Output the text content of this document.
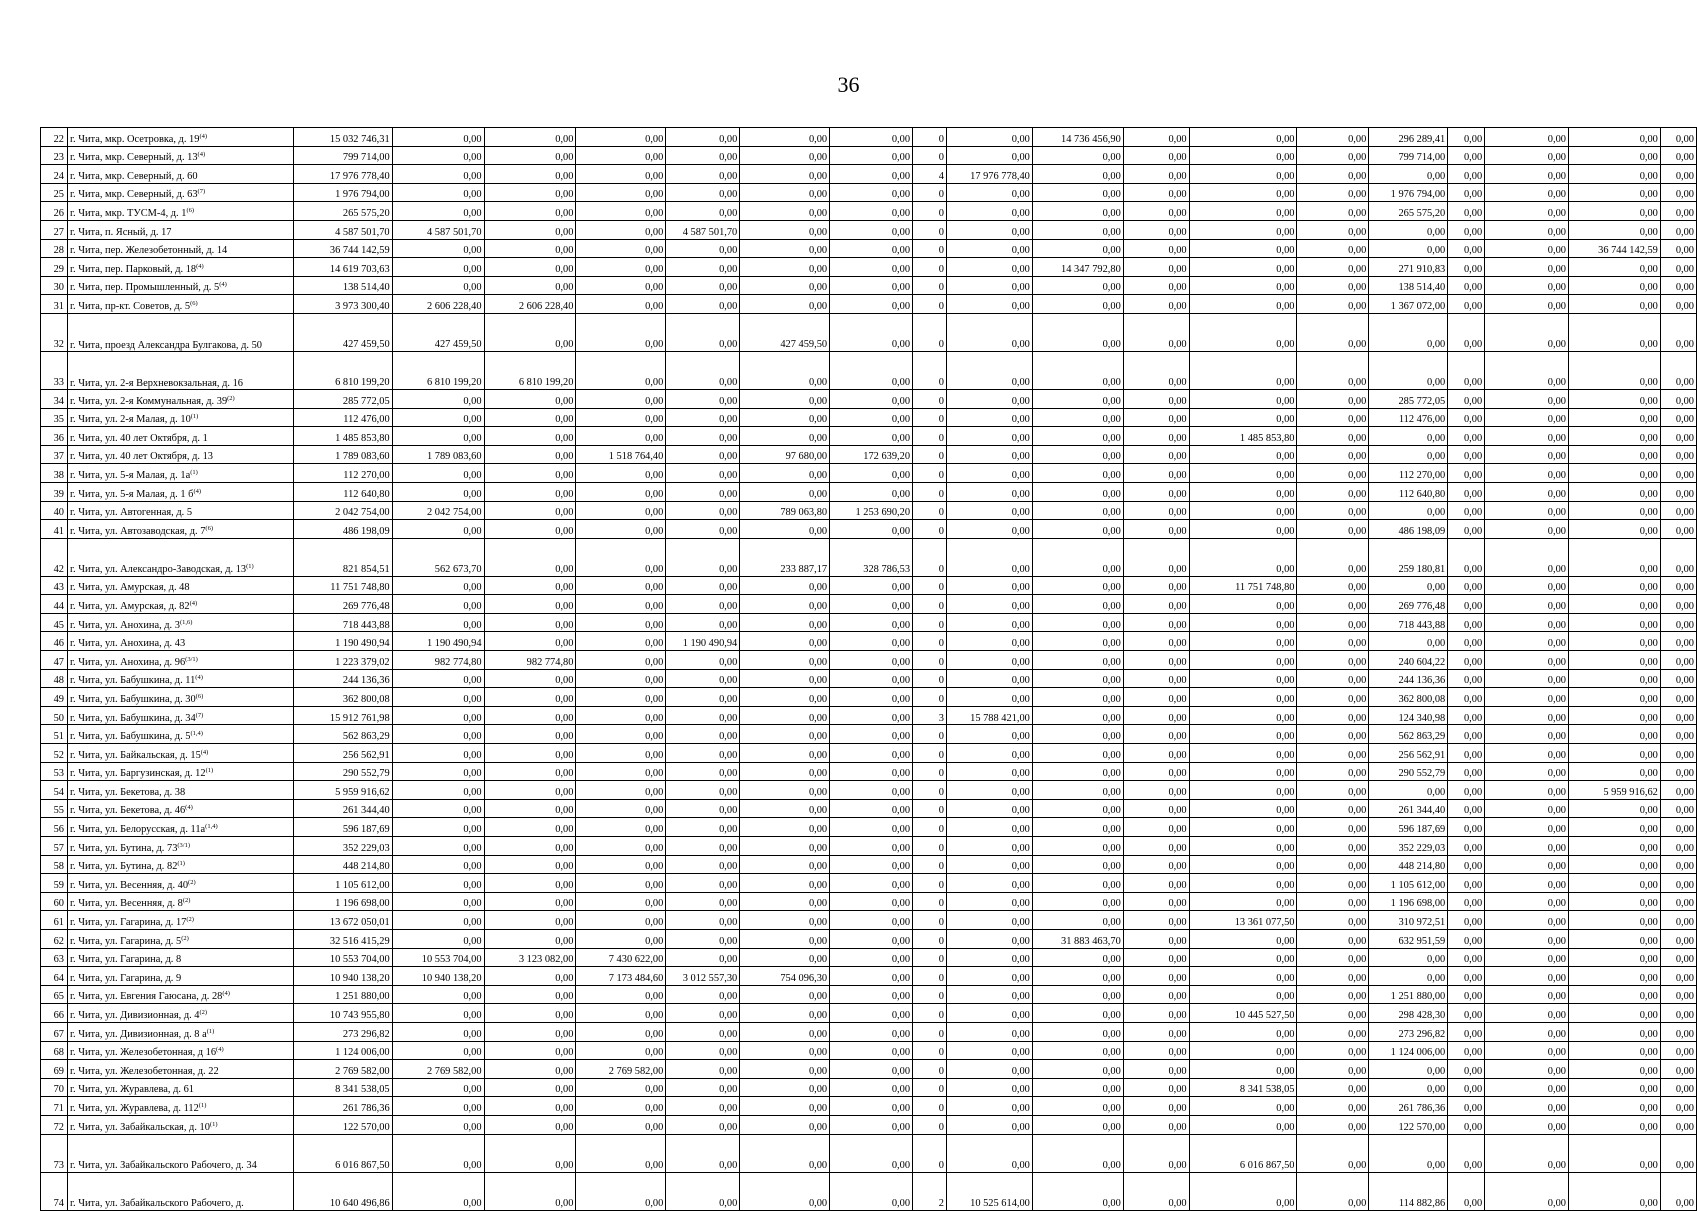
36
22	г. Чита, мкр. Осетровка, д. 19$^{(4)}$	15 032 746,31	0,00	0,00	0,00	0,00	0,00	0,00	0	0,00	14 736 456,90	0,00	0,00	0,00	296 289,41	0,00	0,00	0,00	0,00
23	г. Чита, мкр. Северный, д. 13$^{(4)}$	799 714,00	0,00	0,00	0,00	0,00	0,00	0,00	0	0,00	0,00	0,00	0,00	0,00	799 714,00	0,00	0,00	0,00	0,00
24	г. Чита, мкр. Северный, д. 60	17 976 778,40	0,00	0,00	0,00	0,00	0,00	0,00	4	17 976 778,40	0,00	0,00	0,00	0,00	0,00	0,00	0,00	0,00	0,00
25	г. Чита, мкр. Северный, д. 63$^{(7)}$	1 976 794,00	0,00	0,00	0,00	0,00	0,00	0,00	0	0,00	0,00	0,00	0,00	0,00	1 976 794,00	0,00	0,00	0,00	0,00
26	г. Чита, мкр. ТУСМ-4, д. 1$^{(6)}$	265 575,20	0,00	0,00	0,00	0,00	0,00	0,00	0	0,00	0,00	0,00	0,00	0,00	265 575,20	0,00	0,00	0,00	0,00
27	г. Чита, п. Ясный, д. 17	4 587 501,70	4 587 501,70	0,00	0,00	4 587 501,70	0,00	0,00	0	0,00	0,00	0,00	0,00	0,00	0,00	0,00	0,00	0,00	0,00
28	г. Чита, пер. Железобетонный, д. 14	36 744 142,59	0,00	0,00	0,00	0,00	0,00	0,00	0	0,00	0,00	0,00	0,00	0,00	0,00	0,00	0,00	36 744 142,59	0,00
29	г. Чита, пер. Парковый, д. 18$^{(4)}$	14 619 703,63	0,00	0,00	0,00	0,00	0,00	0,00	0	0,00	14 347 792,80	0,00	0,00	0,00	271 910,83	0,00	0,00	0,00	0,00
30	г. Чита, пер. Промышленный, д. 5$^{(4)}$	138 514,40	0,00	0,00	0,00	0,00	0,00	0,00	0	0,00	0,00	0,00	0,00	0,00	138 514,40	0,00	0,00	0,00	0,00
31	г. Чита, пр-кт. Советов, д. 5$^{(6)}$	3 973 300,40	2 606 228,40	2 606 228,40	0,00	0,00	0,00	0,00	0	0,00	0,00	0,00	0,00	0,00	1 367 072,00	0,00	0,00	0,00	0,00
32	г. Чита, проезд Александра Булгакова, д. 50	427 459,50	427 459,50	0,00	0,00	0,00	427 459,50	0,00	0	0,00	0,00	0,00	0,00	0,00	0,00	0,00	0,00	0,00	0,00
33	г. Чита, ул. 2-я Верхневокзальная, д. 16	6 810 199,20	6 810 199,20	6 810 199,20	0,00	0,00	0,00	0,00	0	0,00	0,00	0,00	0,00	0,00	0,00	0,00	0,00	0,00	0,00
34	г. Чита, ул. 2-я Коммунальная, д. 39$^{(2)}$	285 772,05	0,00	0,00	0,00	0,00	0,00	0,00	0	0,00	0,00	0,00	0,00	0,00	285 772,05	0,00	0,00	0,00	0,00
35	г. Чита, ул. 2-я Малая, д. 10$^{(1)}$	112 476,00	0,00	0,00	0,00	0,00	0,00	0,00	0	0,00	0,00	0,00	0,00	0,00	112 476,00	0,00	0,00	0,00	0,00
36	г. Чита, ул. 40 лет Октября, д. 1	1 485 853,80	0,00	0,00	0,00	0,00	0,00	0,00	0	0,00	0,00	0,00	1 485 853,80	0,00	0,00	0,00	0,00	0,00	0,00
37	г. Чита, ул. 40 лет Октября, д. 13	1 789 083,60	1 789 083,60	0,00	1 518 764,40	0,00	97 680,00	172 639,20	0	0,00	0,00	0,00	0,00	0,00	0,00	0,00	0,00	0,00	0,00
38	г. Чита, ул. 5-я Малая, д. $1а^{(1)}$	112 270,00	0,00	0,00	0,00	0,00	0,00	0,00	0	0,00	0,00	0,00	0,00	0,00	112 270,00	0,00	0,00	0,00	0,00
39	г. Чита, ул. 5-я Малая, д. 1 $б^{(4)}$	112 640,80	0,00	0,00	0,00	0,00	0,00	0,00	0	0,00	0,00	0,00	0,00	0,00	112 640,80	0,00	0,00	0,00	0,00
40	г. Чита, ул. Автогенная, д. 5	2 042 754,00	2 042 754,00	0,00	0,00	0,00	789 063,80	1 253 690,20	0	0,00	0,00	0,00	0,00	0,00	0,00	0,00	0,00	0,00	0,00
41	г. Чита, ул. Автозаводская, д. 7$^{(6)}$	486 198,09	0,00	0,00	0,00	0,00	0,00	0,00	0	0,00	0,00	0,00	0,00	0,00	486 198,09	0,00	0,00	0,00	0,00
42	г. Чита, ул. Александро-Заводская, д. 13$^{(1)}$	821 854,51	562 673,70	0,00	0,00	0,00	233 887,17	328 786,53	0	0,00	0,00	0,00	0,00	0,00	259 180,81	0,00	0,00	0,00	0,00
43	г. Чита, ул. Амурская, д. 48	11 751 748,80	0,00	0,00	0,00	0,00	0,00	0,00	0	0,00	0,00	0,00	11 751 748,80	0,00	0,00	0,00	0,00	0,00	0,00
44	г. Чита, ул. Амурская, д. 82$^{(4)}$	269 776,48	0,00	0,00	0,00	0,00	0,00	0,00	0	0,00	0,00	0,00	0,00	0,00	269 776,48	0,00	0,00	0,00	0,00
45	г. Чита, ул. Анохина, д. 3$^{(1,6)}$	718 443,88	0,00	0,00	0,00	0,00	0,00	0,00	0	0,00	0,00	0,00	0,00	0,00	718 443,88	0,00	0,00	0,00	0,00
46	г. Чита, ул. Анохина, д. 43	1 190 490,94	1 190 490,94	0,00	0,00	1 190 490,94	0,00	0,00	0	0,00	0,00	0,00	0,00	0,00	0,00	0,00	0,00	0,00	0,00
47	г. Чита, ул. Анохина, д. $96^{(3/1)}$	1 223 379,02	982 774,80	982 774,80	0,00	0,00	0,00	0,00	0	0,00	0,00	0,00	0,00	0,00	240 604,22	0,00	0,00	0,00	0,00
48	г. Чита, ул. Бабушкина, д. 11$^{(4)}$	244 136,36	0,00	0,00	0,00	0,00	0,00	0,00	0	0,00	0,00	0,00	0,00	0,00	244 136,36	0,00	0,00	0,00	0,00
49	г. Чита, ул. Бабушкина, д. 30$^{(6)}$	362 800,08	0,00	0,00	0,00	0,00	0,00	0,00	0	0,00	0,00	0,00	0,00	0,00	362 800,08	0,00	0,00	0,00	0,00
50	г. Чита, ул. Бабушкина, д. 34$^{(7)}$	15 912 761,98	0,00	0,00	0,00	0,00	0,00	0,00	3	15 788 421,00	0,00	0,00	0,00	0,00	124 340,98	0,00	0,00	0,00	0,00
51	г. Чита, ул. Бабушкина, д. 5$^{(1,4)}$	562 863,29	0,00	0,00	0,00	0,00	0,00	0,00	0	0,00	0,00	0,00	0,00	0,00	562 863,29	0,00	0,00	0,00	0,00
52	г. Чита, ул. Байкальская, д. 15$^{(4)}$	256 562,91	0,00	0,00	0,00	0,00	0,00	0,00	0	0,00	0,00	0,00	0,00	0,00	256 562,91	0,00	0,00	0,00	0,00
53	г. Чита, ул. Баргузинская, д. 12$^{(1)}$	290 552,79	0,00	0,00	0,00	0,00	0,00	0,00	0	0,00	0,00	0,00	0,00	0,00	290 552,79	0,00	0,00	0,00	0,00
54	г. Чита, ул. Бекетова, д. 38	5 959 916,62	0,00	0,00	0,00	0,00	0,00	0,00	0	0,00	0,00	0,00	0,00	0,00	0,00	0,00	0,00	5 959 916,62	0,00
55	г. Чита, ул. Бекетова, д. 46$^{(4)}$	261 344,40	0,00	0,00	0,00	0,00	0,00	0,00	0	0,00	0,00	0,00	0,00	0,00	261 344,40	0,00	0,00	0,00	0,00
56	г. Чита, ул. Белорусская, д. $11а^{(1,4)}$	596 187,69	0,00	0,00	0,00	0,00	0,00	0,00	0	0,00	0,00	0,00	0,00	0,00	596 187,69	0,00	0,00	0,00	0,00
57	г. Чита, ул. Бутина, д. $73^{(3/1)}$	352 229,03	0,00	0,00	0,00	0,00	0,00	0,00	0	0,00	0,00	0,00	0,00	0,00	352 229,03	0,00	0,00	0,00	0,00
58	г. Чита, ул. Бутина, д. 82$^{(1)}$	448 214,80	0,00	0,00	0,00	0,00	0,00	0,00	0	0,00	0,00	0,00	0,00	0,00	448 214,80	0,00	0,00	0,00	0,00
59	г. Чита, ул. Весенняя, д. 40$^{(2)}$	1 105 612,00	0,00	0,00	0,00	0,00	0,00	0,00	0	0,00	0,00	0,00	0,00	0,00	1 105 612,00	0,00	0,00	0,00	0,00
60	г. Чита, ул. Весенняя, д. 8$^{(2)}$	1 196 698,00	0,00	0,00	0,00	0,00	0,00	0,00	0	0,00	0,00	0,00	0,00	0,00	1 196 698,00	0,00	0,00	0,00	0,00
61	г. Чита, ул. Гагарина, д. 17$^{(2)}$	13 672 050,01	0,00	0,00	0,00	0,00	0,00	0,00	0	0,00	0,00	0,00	13 361 077,50	0,00	310 972,51	0,00	0,00	0,00	0,00
62	г. Чита, ул. Гагарина, д. 5$^{(2)}$	32 516 415,29	0,00	0,00	0,00	0,00	0,00	0,00	0	0,00	31 883 463,70	0,00	0,00	0,00	632 951,59	0,00	0,00	0,00	0,00
63	г. Чита, ул. Гагарина, д. 8	10 553 704,00	10 553 704,00	3 123 082,00	7 430 622,00	0,00	0,00	0,00	0	0,00	0,00	0,00	0,00	0,00	0,00	0,00	0,00	0,00	0,00
64	г. Чита, ул. Гагарина, д. 9	10 940 138,20	10 940 138,20	0,00	7 173 484,60	3 012 557,30	754 096,30	0,00	0	0,00	0,00	0,00	0,00	0,00	0,00	0,00	0,00	0,00	0,00
65	г. Чита, ул. Евгения Гаюсана, д. 28$^{(4)}$	1 251 880,00	0,00	0,00	0,00	0,00	0,00	0,00	0	0,00	0,00	0,00	0,00	0,00	1 251 880,00	0,00	0,00	0,00	0,00
66	г. Чита, ул. Дивизионная, д. 4$^{(2)}$	10 743 955,80	0,00	0,00	0,00	0,00	0,00	0,00	0	0,00	0,00	0,00	10 445 527,50	0,00	298 428,30	0,00	0,00	0,00	0,00
67	г. Чита, ул. Дивизионная, д. 8 $а^{(1)}$	273 296,82	0,00	0,00	0,00	0,00	0,00	0,00	0	0,00	0,00	0,00	0,00	0,00	273 296,82	0,00	0,00	0,00	0,00
68	г. Чита, ул. Железобетонная, д 16$^{(4)}$	1 124 006,00	0,00	0,00	0,00	0,00	0,00	0,00	0	0,00	0,00	0,00	0,00	0,00	1 124 006,00	0,00	0,00	0,00	0,00
69	г. Чита, ул. Железобетонная, д. 22	2 769 582,00	2 769 582,00	0,00	2 769 582,00	0,00	0,00	0,00	0	0,00	0,00	0,00	0,00	0,00	0,00	0,00	0,00	0,00	0,00
70	г. Чита, ул. Журавлева, д. 61	8 341 538,05	0,00	0,00	0,00	0,00	0,00	0,00	0	0,00	0,00	0,00	8 341 538,05	0,00	0,00	0,00	0,00	0,00	0,00
71	г. Чита, ул. Журавлева, д. 112$^{(1)}$	261 786,36	0,00	0,00	0,00	0,00	0,00	0,00	0	0,00	0,00	0,00	0,00	0,00	261 786,36	0,00	0,00	0,00	0,00
72	г. Чита, ул. Забайкальская, д. 10$^{(1)}$	122 570,00	0,00	0,00	0,00	0,00	0,00	0,00	0	0,00	0,00	0,00	0,00	0,00	122 570,00	0,00	0,00	0,00	0,00
73	г. Чита, ул. Забайкальского Рабочего, д. 34	6 016 867,50	0,00	0,00	0,00	0,00	0,00	0,00	0	0,00	0,00	0,00	6 016 867,50	0,00	0,00	0,00	0,00	0,00	0,00
74	г. Чита, ул. Забайкальского Рабочего, д.	10 640 496,86	0,00	0,00	0,00	0,00	0,00	0,00	2	10 525 614,00	0,00	0,00	0,00	0,00	114 882,86	0,00	0,00	0,00	0,00
